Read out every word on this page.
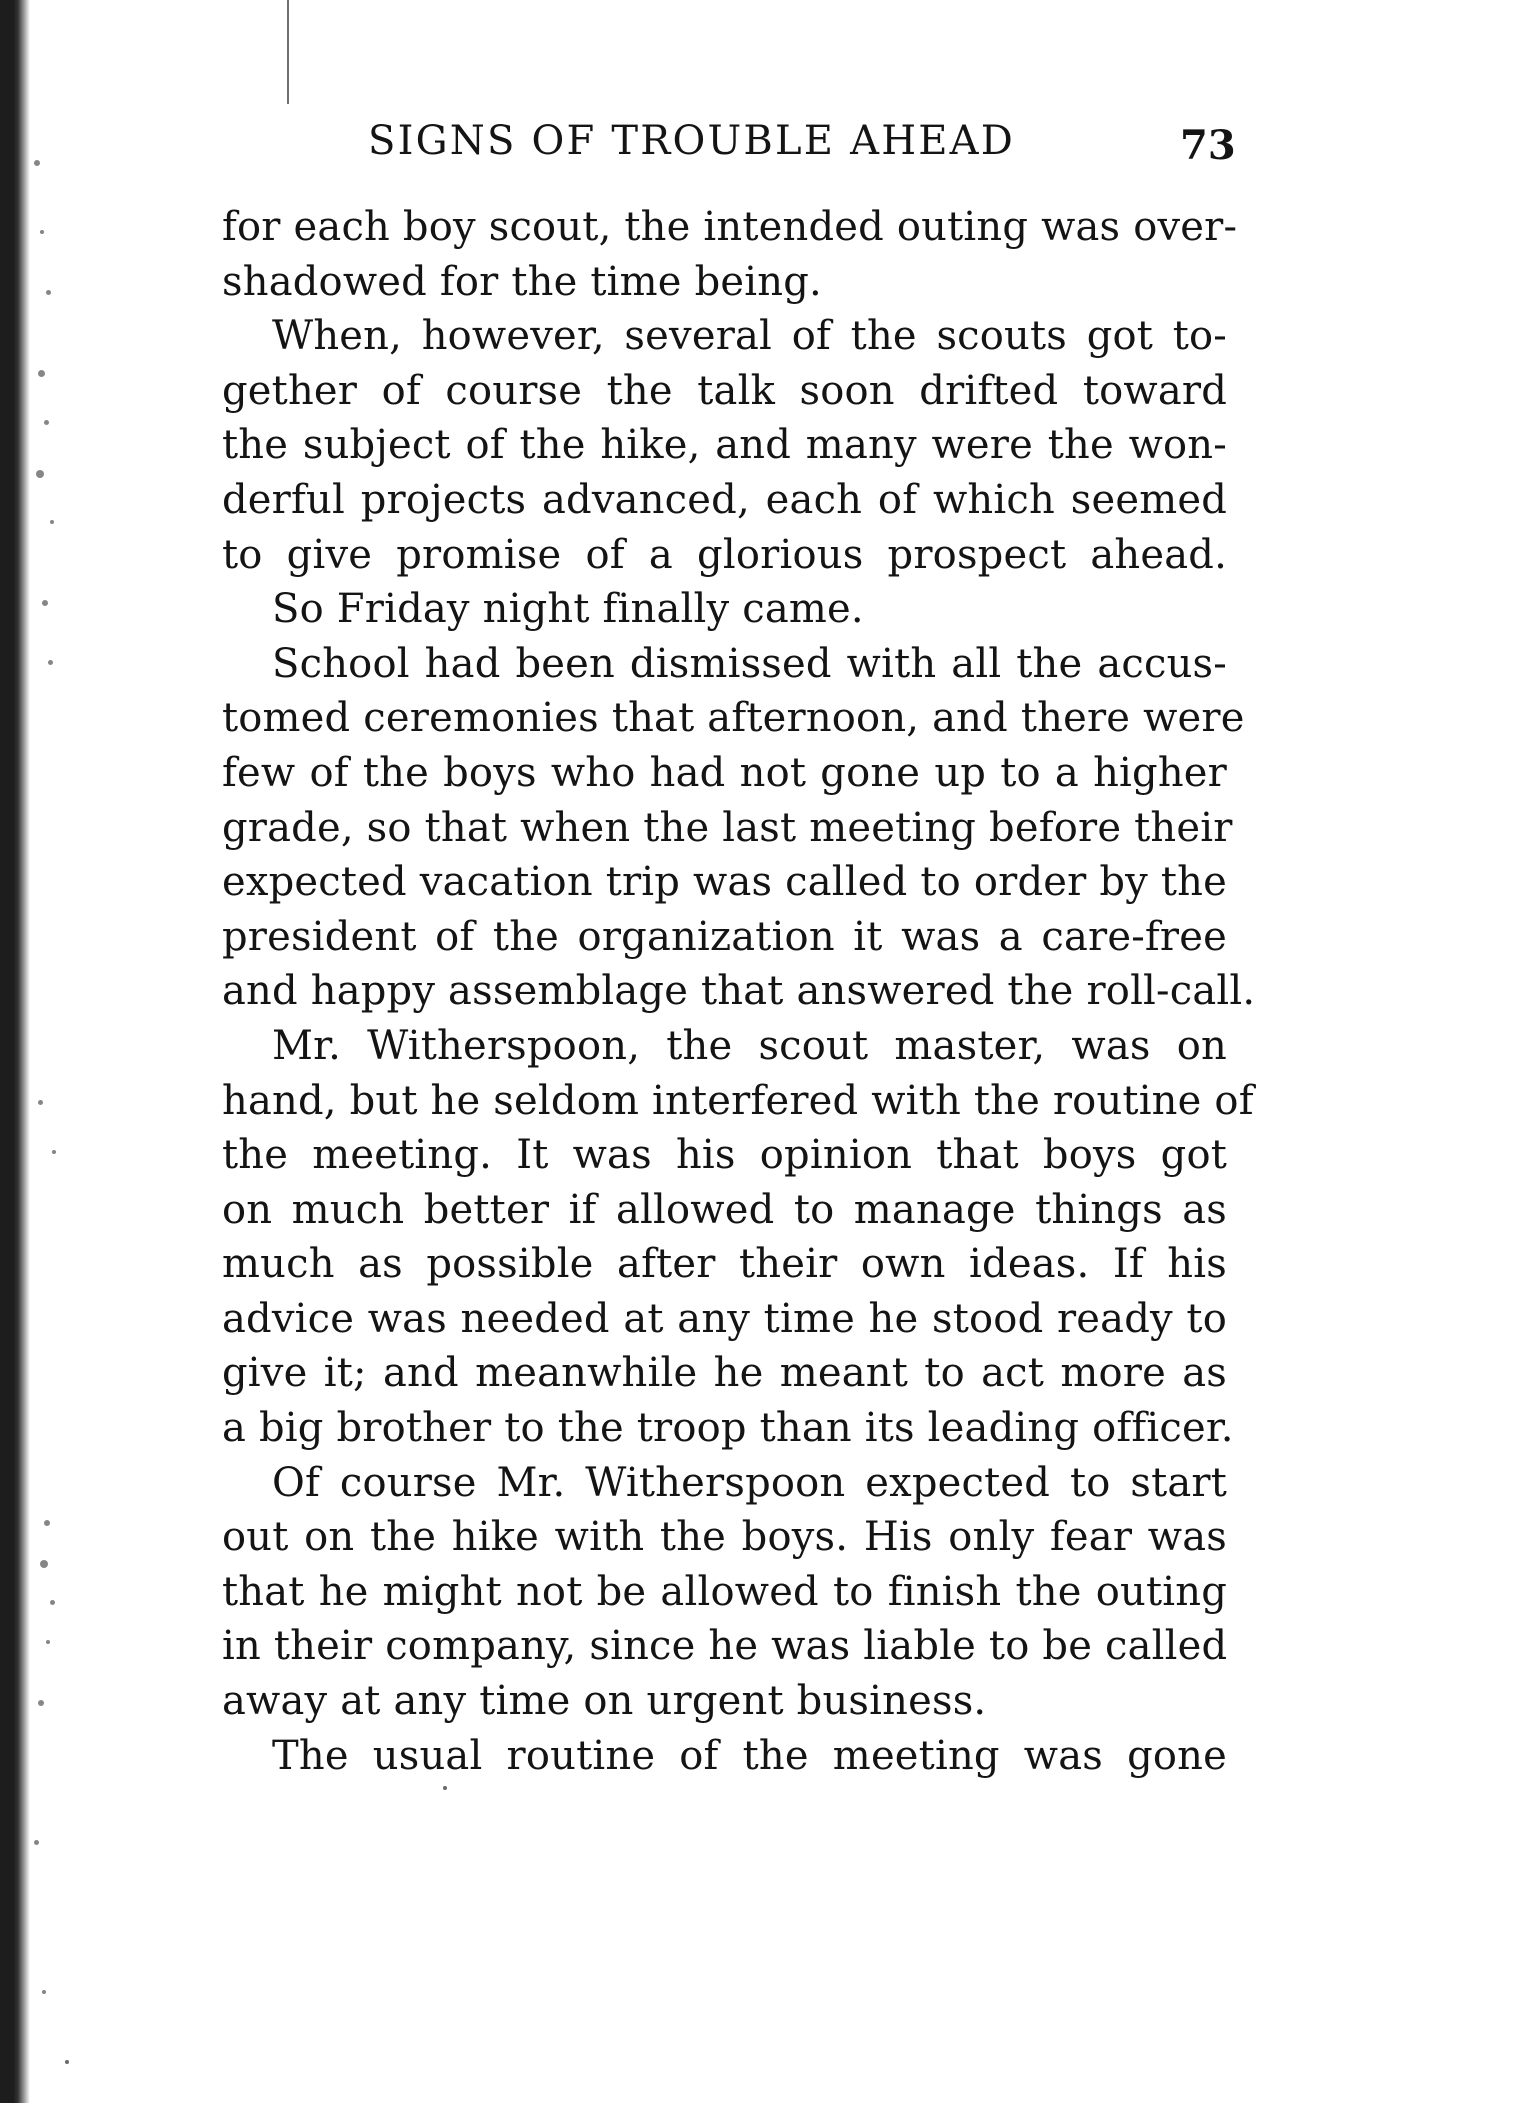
SIGNS OF TROUBLE AHEAD	73
for each boy scout, the intended outing was over-
shadowed for the time being.
When, however, several of the scouts got to-
gether of course the talk soon drifted toward
the subject of the hike, and many were the won-
derful projects advanced, each of which seemed
to give promise of a glorious prospect ahead.
So Friday night finally came.
School had been dismissed with all the accus-
tomed ceremonies that afternoon, and there were
few of the boys who had not gone up to a higher
grade, so that when the last meeting before their
expected vacation trip was called to order by the
president of the organization it was a care-free
and happy assemblage that answered the roll-call.
Mr. Witherspoon, the scout master, was on
hand, but he seldom interfered with the routine of
the meeting. It was his opinion that boys got
on much better if allowed to manage things as
much as possible after their own ideas. If his
advice was needed at any time he stood ready to
give it; and meanwhile he meant to act more as
a big brother to the troop than its leading officer.
Of course Mr. Witherspoon expected to start
out on the hike with the boys. His only fear was
that he might not be allowed to finish the outing
in their company, since he was liable to be called
away at any time on urgent business.
The usual routine of the meeting was gone
